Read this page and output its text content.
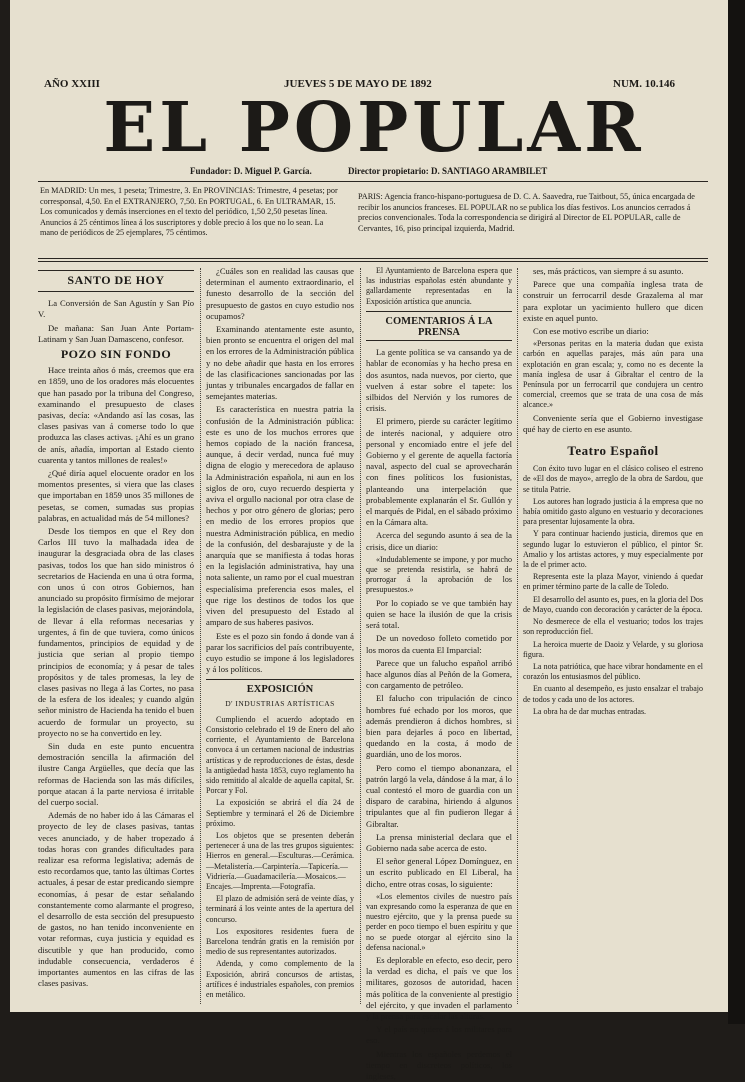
AÑO XXIII	JUEVES 5 DE MAYO DE 1892	NUM. 10.146
EL POPULAR
Fundador: D. Miguel P. García.	Director propietario: D. SANTIAGO ARAMBILET
En MADRID: Un mes, 1 peseta; Trimestre, 3. En PROVINCIAS: Trimestre, 4 pesetas; por corresponsal, 4,50. En el EXTRANJERO, 7,50. En PORTUGAL, 6. En ULTRAMAR, 15. Los comunicados y demás inserciones en el texto del periódico, 1,50 2,50 pesetas línea. Anuncios á 25 céntimos línea á los suscriptores y doble precio á los que no lo sean. La mano de periódicos de 25 ejemplares, 75 céntimos.
PARIS: Agencia franco-hispano-portuguesa de D. C. A. Saavedra, rue Taitbout, 55, única encargada de recibir los anuncios franceses. EL POPULAR no se publica los días festivos. Los anuncios cerrados á precios convencionales. Toda la correspondencia se dirigirá al Director de EL POPULAR, calle de Cervantes, 16, piso principal izquierda, Madrid.
SANTO DE HOY

La Conversión de San Agustín y San Pío V.

De mañana: San Juan Ante Portam-Latinam y San Juan Damasceno, confesor.

POZO SIN FONDO

Hace treinta años ó más, creemos que era en 1859, uno de los oradores más elocuentes que han pasado por la tribuna del Congreso, examinando el presupuesto de clases pasivas, decía: «Andando así las cosas, las clases pasivas van á comerse todo lo que produzca las clases activas. ¡Ahí es un grano de anís, añadía, importan al Estado ciento cuarenta y tantos millones de reales!»

¿Qué diría aquel elocuente orador en los momentos presentes, si viera que las clases que importaban en 1859 unos 35 millones de pesetas, se comen, sumadas sus propias palabras, en actualidad más de 54 millones?

Desde los tiempos en que el Rey don Carlos III tuvo la malhadada idea de inaugurar la desgraciada obra de las clases pasivas, todos los que han sido ministros ó secretarios de Hacienda en una ú otra forma, con unos ú con otros Gobiernos, han anunciado su propósito firmísimo de mejorar la legislación de clases pasivas, mejorándola, de llevar á ella reformas necesarias y urgentes, á fin de que tuviera, como únicos fundamentos, principios de equidad y de justicia que serian al propio tiempo principios de economía; y á pesar de tales propósitos y de tales promesas, la ley de clases pasivas no llega á las Cortes, no pasa de la esfera de los ideales; y cuando algún señor ministro de Hacienda ha tenido el buen acuerdo de formular un proyecto, su proyecto no se ha convertido en ley.

Sin duda en este punto encuentra demostración sencilla la afirmación del ilustre Canga Argüelles, que decía que las reformas de Hacienda son las más difíciles, porque atacan á la parte nerviosa é irritable del cuerpo social.

Además de no haber ido á las Cámaras el proyecto de ley de clases pasivas, tantas veces anunciado, y de haber tropezado á todas horas con grandes dificultades para realizar esa reforma legislativa; además de esto recordamos que, tanto las últimas Cortes actuales, á pesar de estar predicando siempre economías, á pesar de estar señalando constantemente como alarmante el progreso, el desarrollo de esta sección del presupuesto de gastos, no han tenido inconveniente en votar reformas, cuya justicia y equidad es discutible y que han producido, como indudable consecuencia, verdaderos é importantes aumentos en las cifras de las clases pasivas.

¿Cuáles son en realidad las causas que determinan el aumento extraordinario, el funesto desarrollo de la sección del presupuesto de gastos en cuyo estudio nos ocupamos?

Examinando atentamente este asunto, bien pronto se encuentra el origen del mal en los errores de la Administración pública y no debe añadir que hasta en los errores de las clasificaciones sancionadas por las juntas y tribunales encargados de fallar en semejantes materias.

Es característica en nuestra patria la confusión de la Administración pública: este es uno de los muchos errores que hemos copiado de la nación francesa, aunque, á decir verdad, nunca fué muy digna de elogio y merecedora de aplauso la Administración española, ni aun en los siglos de oro, cuyo recuerdo despierta y aviva el orgullo nacional por otra clase de hechos y por otro género de glorias; pero en medio de los errores propios que nuestra Administración pública, en medio de la confusión, del desbarajuste y de la anarquía que se manifiesta á todas horas en la legislación administrativa, hay una nota saliente, un ramo por el cual muestran especialísima preferencia esos males, el que rige los destinos de todos los que viven del presupuesto del Estado al amparo de sus haberes pasivos.

Este es el pozo sin fondo á donde van á parar los sacrificios del país contribuyente, cuyo estudio se impone á los legisladores y á los políticos.

EXPOSICIÓN
D' INDUSTRIAS ARTÍSTICAS

Cumpliendo el acuerdo adoptado en Consistorio celebrado el 19 de Enero del año corriente, el Ayuntamiento de Barcelona convoca á un certamen nacional de industrias artísticas y de reproducciones de éstas, desde la antigüedad hasta 1853, cuyo reglamento ha sido remitido al alcalde de aquella capital, Sr. Porcar y Fol.

La exposición se abrirá el día 24 de Septiembre y terminará el 26 de Diciembre próximo.

Los objetos que se presenten deberán pertenecer á una de las tres grupos siguientes: Hierros en general.—Esculturas.—Cerámica.—Metalistería.—Carpintería.—Tapicería.—Vidriería.—Guadamacilería.—Mosaicos.—Encajes.—Imprenta.—Fotografía.

El plazo de admisión será de veinte días, y terminará á los veinte antes de la apertura del concurso.

Los expositores residentes fuera de Barcelona tendrán gratis en la remisión por medio de sus representantes autorizados.

Adenda, y como complemento de la Exposición, abrirá concursos de artistas, artífices é industriales españoles, con premios en metálico.

El Ayuntamiento de Barcelona espera que las industrias españolas estén abundante y gallardamente representadas en la Exposición artística que anuncia.

COMENTARIOS Á LA PRENSA

La gente política se va cansando ya de hablar de economías y ha hecho presa en dos asuntos, nada nuevos, por cierto, que vuelven á estar sobre el tapete: los silbidos del Nervión y los rumores de crisis.

El primero, pierde su carácter legítimo de interés nacional, y adquiere otro personal y encomiado entre el jefe del Gobierno y el gerente de aquella factoría naval, aspecto del cual se aprovecharán con fines políticos los fusionistas, planteando una interpelación que probablemente explanarán el Sr. Gullón y el marqués de Pidal, en el sábado próximo en la Cámara alta.

Acerca del segundo asunto á sea de la crisis, dice un diario:

«Indudablemente se impone, y por mucho que se pretenda resistirla, se habrá de prorrogar á la aprobación de los presupuestos.»

Por lo copiado se ve que también hay quien se hace la ilusión de que la crisis será total.

De un novedoso folleto cometido por los moros da cuenta El Imparcial:

Parece que un falucho español arribó hace algunos días al Peñón de la Gomera, con cargamento de petróleo.

El falucho con tripulación de cinco hombres fué echado por los moros, que además prendieron á dichos hombres, si bien para dejarles á poco en libertad, quedando en la costa, á modo de guardián, uno de los moros.

Pero como el tiempo abonanzara, el patrón largó la vela, dándose á la mar, á lo cual contestó el moro de guardia con un disparo de carabina, hiriendo á algunos tripulantes que al fin pudieron llegar á Gibraltar.

La prensa ministerial declara que el Gobierno nada sabe acerca de esto.

El señor general López Domínguez, en un escrito publicado en El Liberal, ha dicho, entre otras cosas, lo siguiente:

«Los elementos civiles de nuestro país van expresando como la esperanza de que en nuestro ejército, que y la prensa puede su perder en poco tiempo el buen espíritu y que no se puede otorgar al ejército sino la defensa nacional.»

Es deplorable en efecto, eso decir, pero la verdad es dicha, el país ve que los militares, gozosos de autoridad, hacen más política de la conveniente al prestigio del ejército, y que invaden el parlamento y la prensa para escalar las alturas.

Y el país no quiere á los militares para eso.

Mientras los españoles perdemos el tiempo en discreteos políticos, los ingleses,

ses, más prácticos, van siempre á su asunto.

Parece que una compañía inglesa trata de construir un ferrocarril desde Grazalema al mar para explotar un yacimiento hullero que dicen existe en aquel punto.

Con ese motivo escribe un diario:

«Personas peritas en la materia dudan que exista carbón en aquellas parajes, más aún para una explotación en gran escala; y, como no es decente la manía inglesa de usar á Gibraltar el centro de la Península por un ferrocarril que condujera un centro comercial, creemos que se trata de una cosa de más alcance.»

Conveniente sería que el Gobierno investigase qué hay de cierto en ese asunto.

Teatro Español

Con éxito tuvo lugar en el clásico coliseo el estreno de «El dos de mayo», arreglo de la obra de Sardou, que se titula Patrie.

Los autores han logrado justicia á la empresa que no había omitido gasto alguno en vestuario y decoraciones para presentar lujosamente la obra.

Y para continuar haciendo justicia, diremos que en segundo lugar lo estuvieron el público, el pintor Sr. Amalio y los artistas actores, y muy especialmente por la de el primer acto.

Representa este la plaza Mayor, viniendo á quedar en primer término parte de la calle de Toledo.

El desarrollo del asunto es, pues, en la gloria del Dos de Mayo, cuando con decoración y carácter de la época.

No desmerece de ella el vestuario; todos los trajes son reproducción fiel.

La heroica muerte de Daoiz y Velarde, y su gloriosa figura.

La nota patriótica, que hace vibrar hondamente en el corazón los entusiasmos del público.

En cuanto al desempeño, es justo ensalzar el trabajo de todos y cada uno de los actores.

La obra ha de dar muchas entradas.
